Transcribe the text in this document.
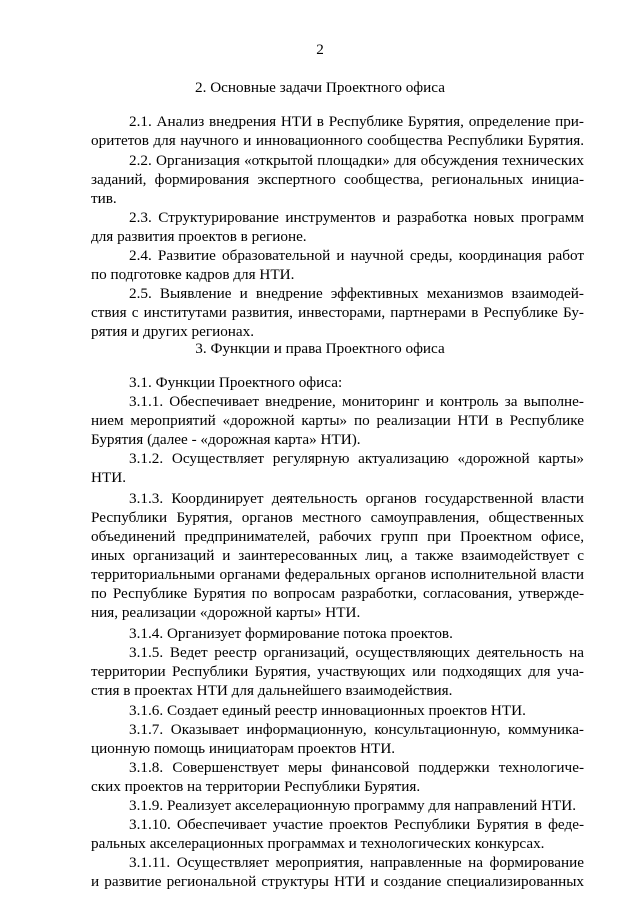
2
2. Основные задачи Проектного офиса
2.1. Анализ внедрения НТИ в Республике Бурятия, определение при-
оритетов для научного и инновационного сообщества Республики Бурятия.
2.2. Организация «открытой площадки» для обсуждения технических
заданий, формирования экспертного сообщества, региональных инициа-
тив.
2.3. Структурирование инструментов и разработка новых программ
для развития проектов в регионе.
2.4. Развитие образовательной и научной среды, координация работ
по подготовке кадров для НТИ.
2.5. Выявление и внедрение эффективных механизмов взаимодей-
ствия с институтами развития, инвесторами, партнерами в Республике Бу-
рятия и других регионах.
3. Функции и права Проектного офиса
3.1. Функции Проектного офиса:
3.1.1. Обеспечивает внедрение, мониторинг и контроль за выполне-
нием мероприятий «дорожной карты» по реализации НТИ в Республике
Бурятия (далее - «дорожная карта» НТИ).
3.1.2. Осуществляет регулярную актуализацию «дорожной карты»
НТИ.
3.1.3. Координирует деятельность органов государственной власти
Республики Бурятия, органов местного самоуправления, общественных
объединений предпринимателей, рабочих групп при Проектном офисе,
иных организаций и заинтересованных лиц, а также взаимодействует с
территориальными органами федеральных органов исполнительной власти
по Республике Бурятия по вопросам разработки, согласования, утвержде-
ния, реализации «дорожной карты» НТИ.
3.1.4. Организует формирование потока проектов.
3.1.5. Ведет реестр организаций, осуществляющих деятельность на
территории Республики Бурятия, участвующих или подходящих для уча-
стия в проектах НТИ для дальнейшего взаимодействия.
3.1.6. Создает единый реестр инновационных проектов НТИ.
3.1.7. Оказывает информационную, консультационную, коммуника-
ционную помощь инициаторам проектов НТИ.
3.1.8. Совершенствует меры финансовой поддержки технологиче-
ских проектов на территории Республики Бурятия.
3.1.9. Реализует акселерационную программу для направлений НТИ.
3.1.10. Обеспечивает участие проектов Республики Бурятия в феде-
ральных акселерационных программах и технологических конкурсах.
3.1.11. Осуществляет мероприятия, направленные на формирование
и развитие региональной структуры НТИ и создание специализированных
